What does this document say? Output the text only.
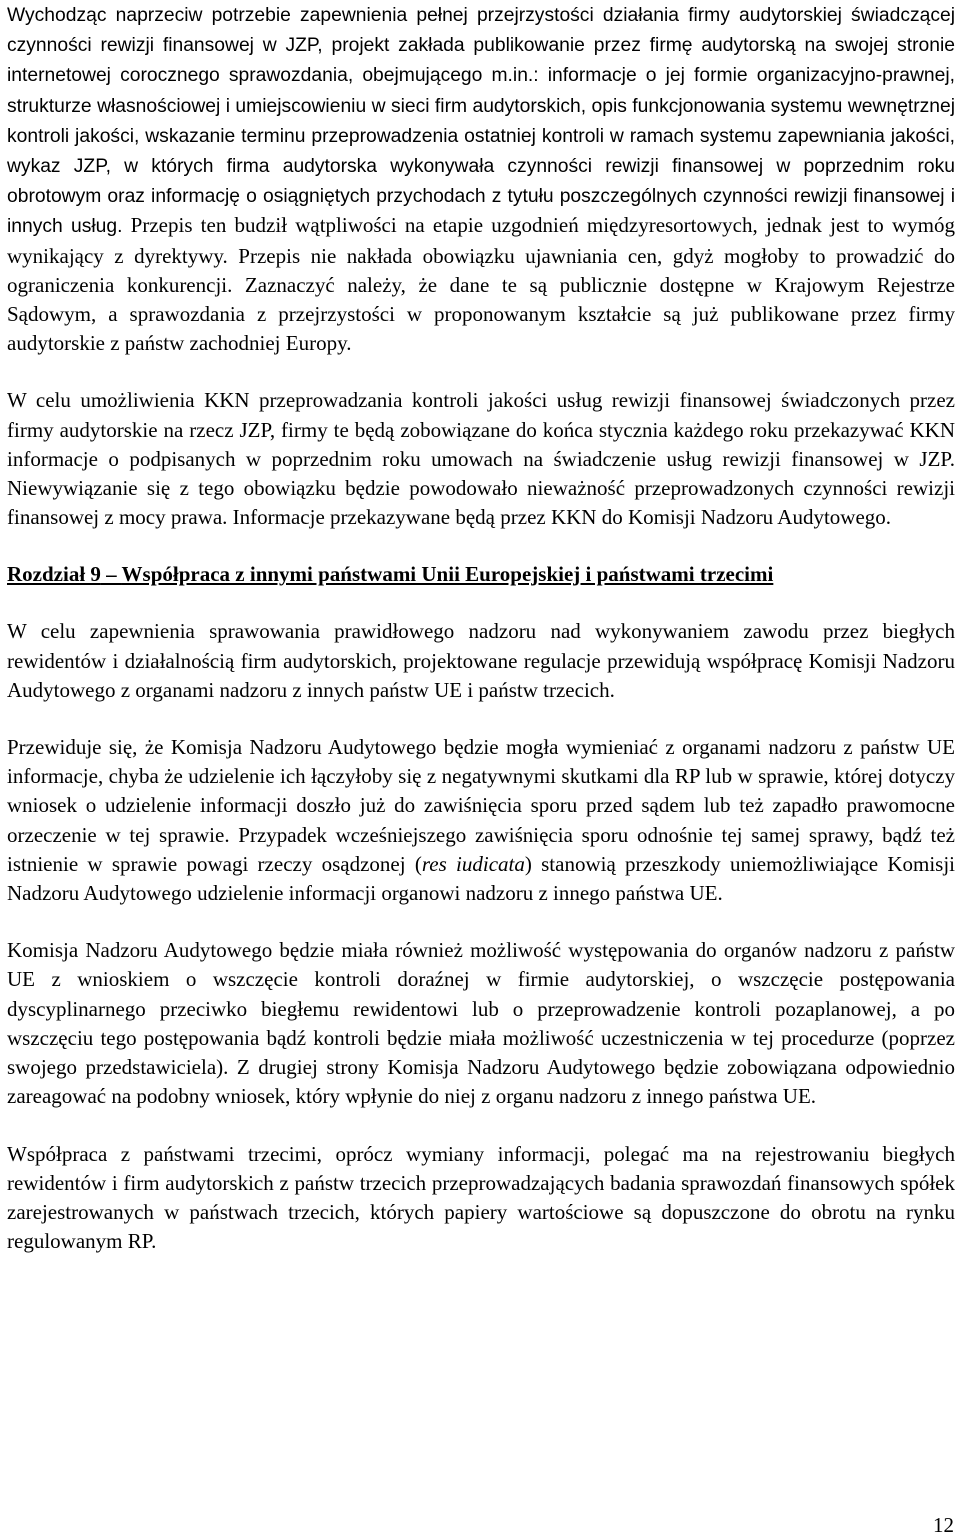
Wychodząc naprzeciw potrzebie zapewnienia pełnej przejrzystości działania firmy audytorskiej świadczącej czynności rewizji finansowej w JZP, projekt zakłada publikowanie przez firmę audytorską na swojej stronie internetowej corocznego sprawozdania, obejmującego m.in.: informacje o jej formie organizacyjno-prawnej, strukturze własnościowej i umiejscowieniu w sieci firm audytorskich, opis funkcjonowania systemu wewnętrznej kontroli jakości, wskazanie terminu przeprowadzenia ostatniej kontroli w ramach systemu zapewniania jakości, wykaz JZP, w których firma audytorska wykonywała czynności rewizji finansowej w poprzednim roku obrotowym oraz informację o osiągniętych przychodach z tytułu poszczególnych czynności rewizji finansowej i innych usług. Przepis ten budził wątpliwości na etapie uzgodnień międzyresortowych, jednak jest to wymóg wynikający z dyrektywy. Przepis nie nakłada obowiązku ujawniania cen, gdyż mogłoby to prowadzić do ograniczenia konkurencji. Zaznaczyć należy, że dane te są publicznie dostępne w Krajowym Rejestrze Sądowym, a sprawozdania z przejrzystości w proponowanym kształcie są już publikowane przez firmy audytorskie z państw zachodniej Europy.

W celu umożliwienia KKN przeprowadzania kontroli jakości usług rewizji finansowej świadczonych przez firmy audytorskie na rzecz JZP, firmy te będą zobowiązane do końca stycznia każdego roku przekazywać KKN informacje o podpisanych w poprzednim roku umowach na świadczenie usług rewizji finansowej w JZP. Niewywiązanie się z tego obowiązku będzie powodowało nieważność przeprowadzonych czynności rewizji finansowej z mocy prawa. Informacje przekazywane będą przez KKN do Komisji Nadzoru Audytowego.

Rozdział 9 – Współpraca z innymi państwami Unii Europejskiej i państwami trzecimi

W celu zapewnienia sprawowania prawidłowego nadzoru nad wykonywaniem zawodu przez biegłych rewidentów i działalnością firm audytorskich, projektowane regulacje przewidują współpracę Komisji Nadzoru Audytowego z organami nadzoru z innych państw UE i państw trzecich.

Przewiduje się, że Komisja Nadzoru Audytowego będzie mogła wymieniać z organami nadzoru z państw UE informacje, chyba że udzielenie ich łączyłoby się z negatywnymi skutkami dla RP lub w sprawie, której dotyczy wniosek o udzielenie informacji doszło już do zawiśnięcia sporu przed sądem lub też zapadło prawomocne orzeczenie w tej sprawie. Przypadek wcześniejszego zawiśnięcia sporu odnośnie tej samej sprawy, bądź też istnienie w sprawie powagi rzeczy osądzonej (res iudicata) stanowią przeszkody uniemożliwiające Komisji Nadzoru Audytowego udzielenie informacji organowi nadzoru z innego państwa UE.

Komisja Nadzoru Audytowego będzie miała również możliwość występowania do organów nadzoru z państw UE z wnioskiem o wszczęcie kontroli doraźnej w firmie audytorskiej, o wszczęcie postępowania dyscyplinarnego przeciwko biegłemu rewidentowi lub o przeprowadzenie kontroli pozaplanowej, a po wszczęciu tego postępowania bądź kontroli będzie miała możliwość uczestniczenia w tej procedurze (poprzez swojego przedstawiciela). Z drugiej strony Komisja Nadzoru Audytowego będzie zobowiązana odpowiednio zareagować na podobny wniosek, który wpłynie do niej z organu nadzoru z innego państwa UE.

Współpraca z państwami trzecimi, oprócz wymiany informacji, polegać ma na rejestrowaniu biegłych rewidentów i firm audytorskich z państw trzecich przeprowadzających badania sprawozdań finansowych spółek zarejestrowanych w państwach trzecich, których papiery wartościowe są dopuszczone do obrotu na rynku regulowanym RP.

12
